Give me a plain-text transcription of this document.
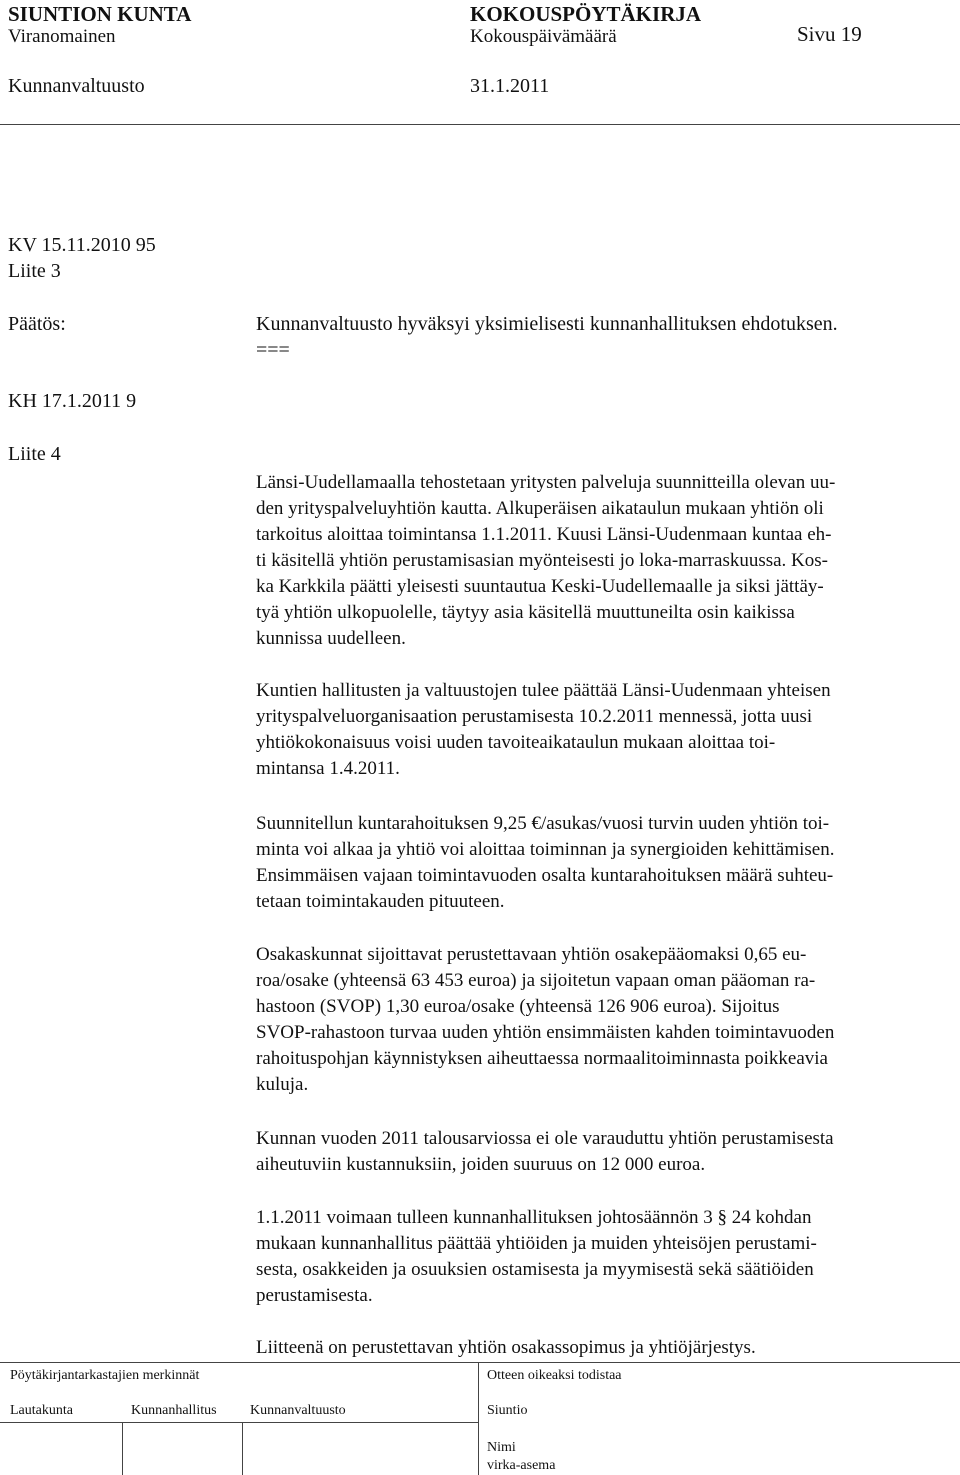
SIUNTION KUNTA	KOKOUSPÖYTÄKIRJA
Viranomainen	Kokouspäivämäärä	Sivu 19
Kunnanvaltuusto	31.1.2011
KV 15.11.2010 95
Liite 3
Päätös:	Kunnanvaltuusto hyväksyi yksimielisesti kunnanhallituksen ehdotuksen.
===
KH 17.1.2011 9
Liite 4
Länsi-Uudellamaalla tehostetaan yritysten palveluja suunnitteilla olevan uu-
den yrityspalveluyhtiön kautta. Alkuperäisen aikataulun mukaan yhtiön oli
tarkoitus aloittaa toimintansa 1.1.2011. Kuusi Länsi-Uudenmaan kuntaa eh-
ti käsitellä yhtiön perustamisasian myönteisesti jo loka-marraskuussa. Kos-
ka Karkkila päätti yleisesti suuntautua Keski-Uudellemaalle ja siksi jättäy-
tyä yhtiön ulkopuolelle, täytyy asia käsitellä muuttuneilta osin kaikissa
kunnissa uudelleen.
Kuntien hallitusten ja valtuustojen tulee päättää Länsi-Uudenmaan yhteisen
yrityspalveluorganisaation perustamisesta 10.2.2011 mennessä, jotta uusi
yhtiökokonaisuus voisi uuden tavoiteaikataulun mukaan aloittaa toi-
mintansa 1.4.2011.
Suunnitellun kuntarahoituksen 9,25 €/asukas/vuosi turvin uuden yhtiön toi-
minta voi alkaa ja yhtiö voi aloittaa toiminnan ja synergioiden kehittämisen.
Ensimmäisen vajaan toimintavuoden osalta kuntarahoituksen määrä suhteu-
tetaan toimintakauden pituuteen.
Osakaskunnat sijoittavat perustettavaan yhtiön osakepääomaksi 0,65 eu-
roa/osake (yhteensä 63 453 euroa) ja sijoitetun vapaan oman pääoman ra-
hastoon (SVOP) 1,30 euroa/osake (yhteensä 126 906 euroa). Sijoitus
SVOP-rahastoon turvaa uuden yhtiön ensimmäisten kahden toimintavuoden
rahoituspohjan käynnistyksen aiheuttaessa normaalitoiminnasta poikkeavia
kuluja.
Kunnan vuoden 2011 talousarviossa ei ole varauduttu yhtiön perustamisesta
aiheutuviin kustannuksiin, joiden suuruus on 12 000 euroa.
1.1.2011 voimaan tulleen kunnanhallituksen johtosäännön 3 § 24 kohdan
mukaan kunnanhallitus päättää yhtiöiden ja muiden yhteisöjen perustami-
sesta, osakkeiden ja osuuksien ostamisesta ja myymisestä sekä säätiöiden
perustamisesta.
Liitteenä on perustettavan yhtiön osakassopimus ja yhtiöjärjestys.
Pöytäkirjantarkastajien merkinnät	Otteen oikeaksi todistaa
Lautakunta	Kunnanhallitus Kunnanvaltuusto	Siuntio
Nimi
virka-asema
